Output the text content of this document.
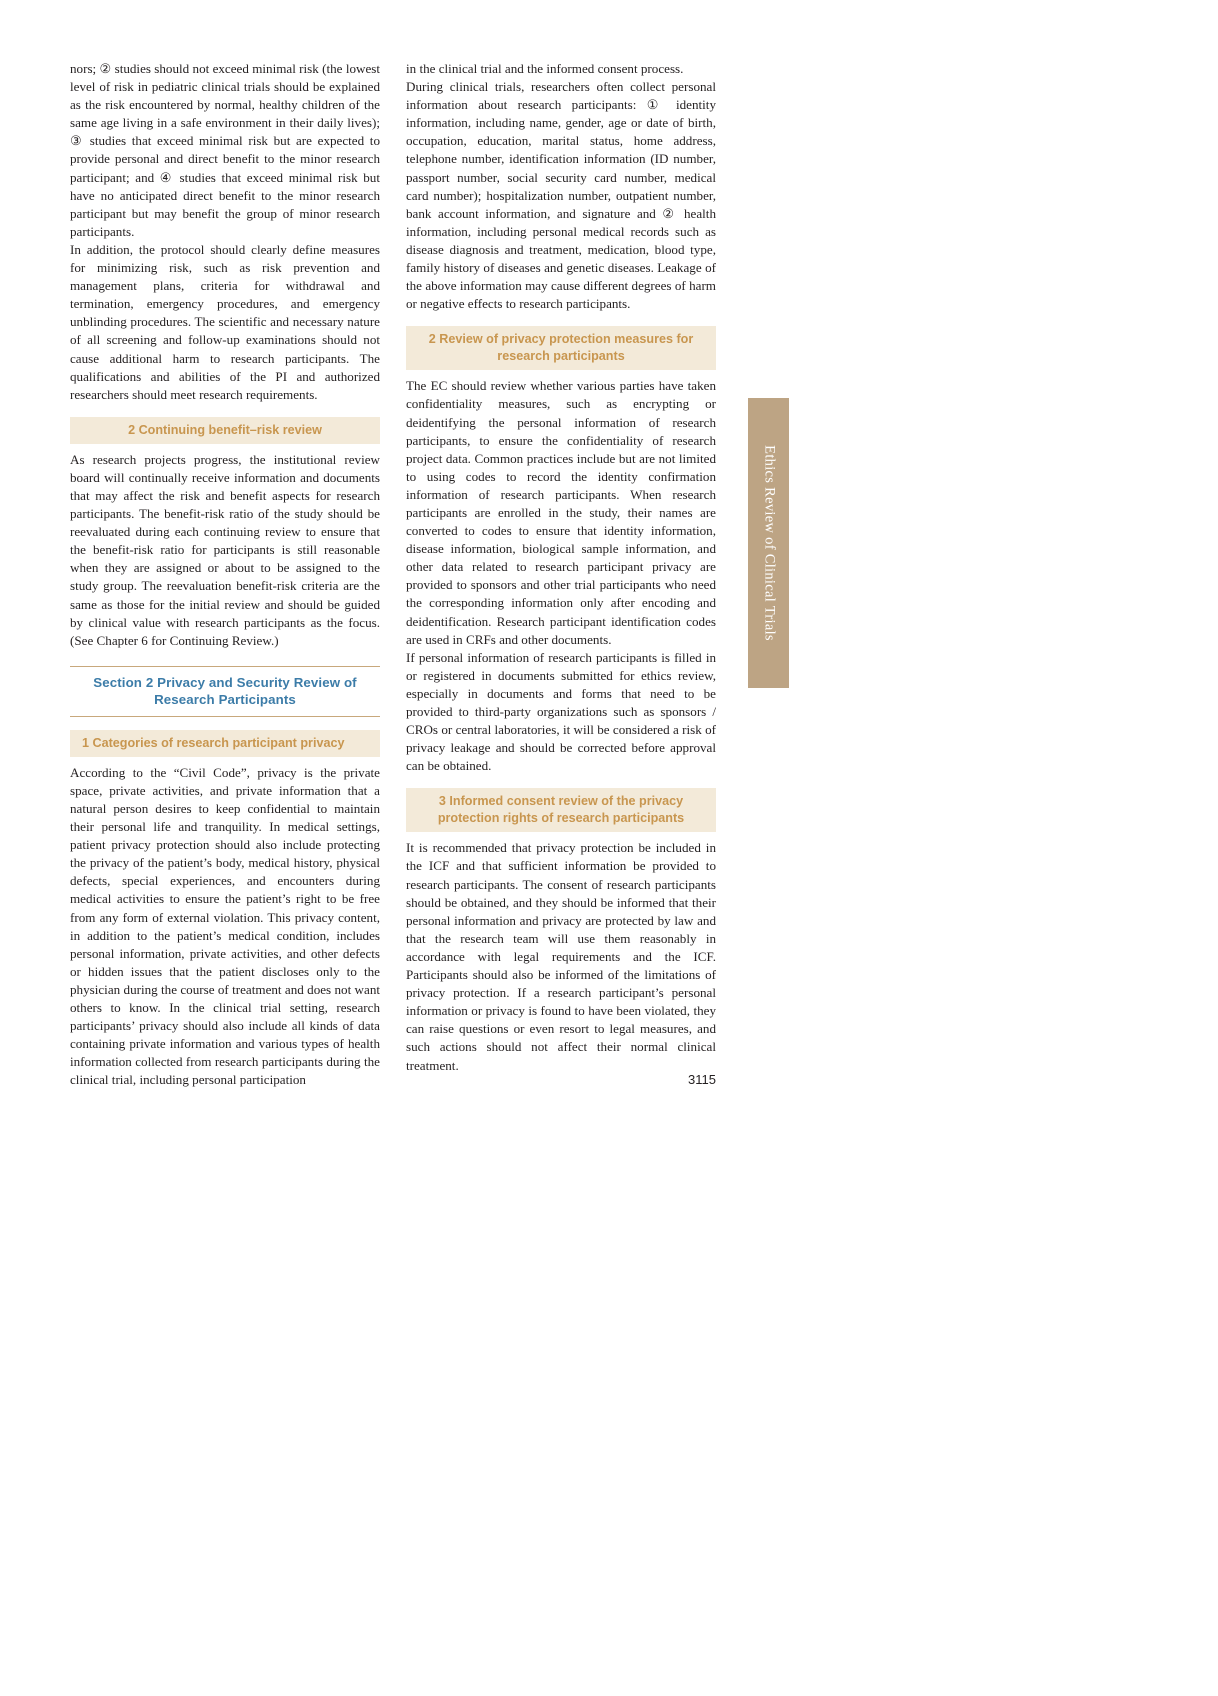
nors; ② studies should not exceed minimal risk (the lowest level of risk in pediatric clinical trials should be explained as the risk encountered by normal, healthy children of the same age living in a safe environment in their daily lives); ③ studies that exceed minimal risk but are expected to provide personal and direct benefit to the minor research participant; and ④ studies that exceed minimal risk but have no anticipated direct benefit to the minor research participant but may benefit the group of minor research participants.

In addition, the protocol should clearly define measures for minimizing risk, such as risk prevention and management plans, criteria for withdrawal and termination, emergency procedures, and emergency unblinding procedures. The scientific and necessary nature of all screening and follow-up examinations should not cause additional harm to research participants. The qualifications and abilities of the PI and authorized researchers should meet research requirements.

2 Continuing benefit–risk review

As research projects progress, the institutional review board will continually receive information and documents that may affect the risk and benefit aspects for research participants. The benefit-risk ratio of the study should be reevaluated during each continuing review to ensure that the benefit-risk ratio for participants is still reasonable when they are assigned or about to be assigned to the study group. The reevaluation benefit-risk criteria are the same as those for the initial review and should be guided by clinical value with research participants as the focus. (See Chapter 6 for Continuing Review.)

Section 2 Privacy and Security Review of Research Participants
1 Categories of research participant privacy

According to the “Civil Code”, privacy is the private space, private activities, and private information that a natural person desires to keep confidential to maintain their personal life and tranquility. In medical settings, patient privacy protection should also include protecting the privacy of the patient’s body, medical history, physical defects, special experiences, and encounters during medical activities to ensure the patient’s right to be free from any form of external violation. This privacy content, in addition to the patient’s medical condition, includes personal information, private activities, and other defects or hidden issues that the patient discloses only to the physician during the course of treatment and does not want others to know. In the clinical trial setting, research participants’ privacy should also include all kinds of data containing private information and various types of health information collected from research participants during the clinical trial, including personal participation

in the clinical trial and the informed consent process.

During clinical trials, researchers often collect personal information about research participants: ① identity information, including name, gender, age or date of birth, occupation, education, marital status, home address, telephone number, identification information (ID number, passport number, social security card number, medical card number); hospitalization number, outpatient number, bank account information, and signature and ② health information, including personal medical records such as disease diagnosis and treatment, medication, blood type, family history of diseases and genetic diseases. Leakage of the above information may cause different degrees of harm or negative effects to research participants.

2 Review of privacy protection measures for research participants

The EC should review whether various parties have taken confidentiality measures, such as encrypting or deidentifying the personal information of research participants, to ensure the confidentiality of research project data. Common practices include but are not limited to using codes to record the identity confirmation information of research participants. When research participants are enrolled in the study, their names are converted to codes to ensure that identity information, disease information, biological sample information, and other data related to research participant privacy are provided to sponsors and other trial participants who need the corresponding information only after encoding and deidentification. Research participant identification codes are used in CRFs and other documents.

If personal information of research participants is filled in or registered in documents submitted for ethics review, especially in documents and forms that need to be provided to third-party organizations such as sponsors / CROs or central laboratories, it will be considered a risk of privacy leakage and should be corrected before approval can be obtained.

3 Informed consent review of the privacy protection rights of research participants

It is recommended that privacy protection be included in the ICF and that sufficient information be provided to research participants. The consent of research participants should be obtained, and they should be informed that their personal information and privacy are protected by law and that the research team will use them reasonably in accordance with legal requirements and the ICF. Participants should also be informed of the limitations of privacy protection. If a research participant’s personal information or privacy is found to have been violated, they can raise questions or even resort to legal measures, and such actions should not affect their normal clinical treatment.

Ethics Review of Clinical Trials
3115
